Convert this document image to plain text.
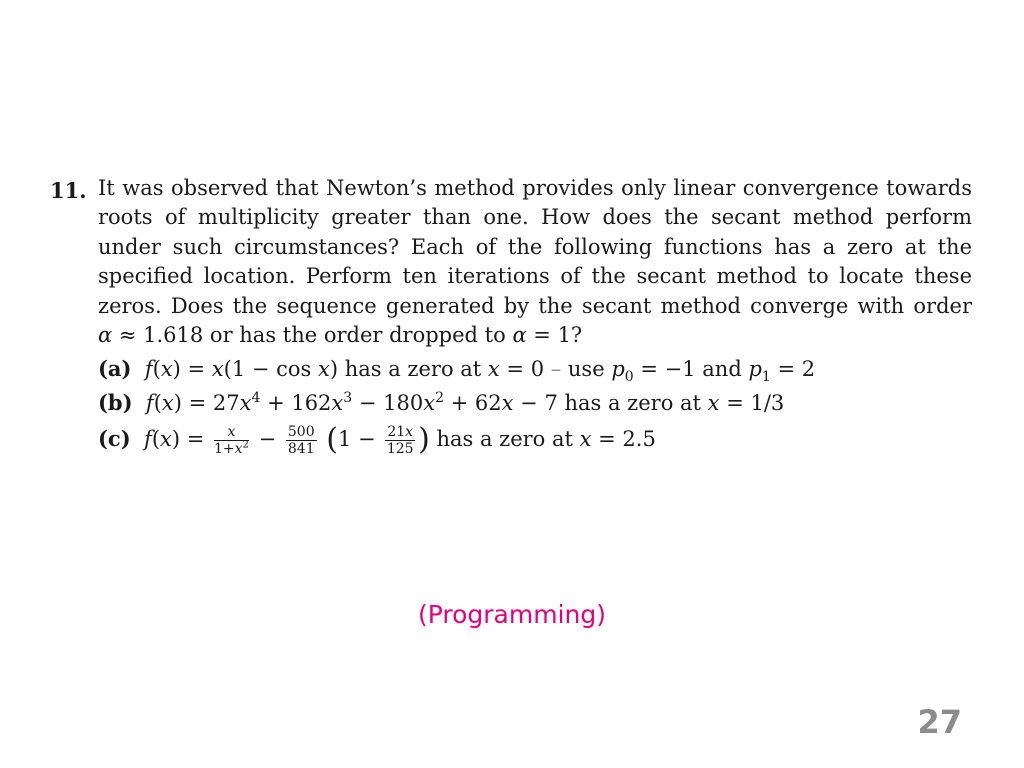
11. It was observed that Newton’s method provides only linear convergence towards
roots of multiplicity greater than one. How does the secant method perform
under such circumstances? Each of the following functions has a zero at the
specified location. Perform ten iterations of the secant method to locate these
zeros. Does the sequence generated by the secant method converge with order
α ≈ 1.618 or has the order dropped to α = 1?
(a) f(x) = x(1 − cos x) has a zero at x = 0 – use $p_0 = -1$ and $p_1 = 2$
(b) $f(x) = 27x^4 + 162x^3 - 180x^2 + 62x - 7$ has a zero at x = 1/3
(c) $f(x) = \frac{x}{1+x^2} - \frac{500}{841} (1 - \frac{21x}{125}$ ) has a zero at x = 2.5
(Programming)
27
